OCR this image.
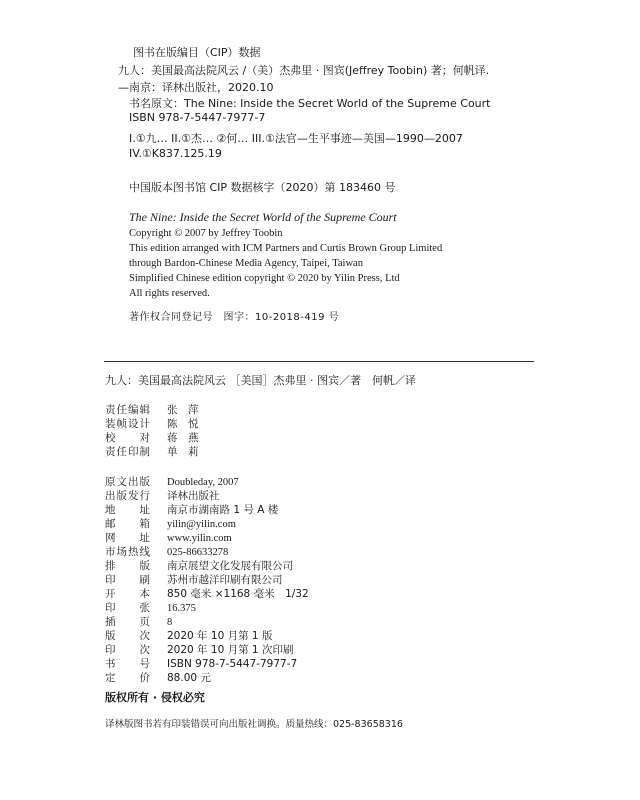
图书在版编目（CIP）数据
九人：美国最高法院风云 /（美）杰弗里 · 图宾(Jeffrey Toobin) 著；何帆译.
—南京：译林出版社，2020.10
书名原文：The Nine: Inside the Secret World of the Supreme Court
ISBN 978-7-5447-7977-7
I.①九… II.①杰… ②何… III.①法官—生平事迹—美国—1990—2007
IV.①K837.125.19
中国版本图书馆 CIP 数据核字（2020）第 183460 号
The Nine: Inside the Secret World of the Supreme Court
Copyright © 2007 by Jeffrey Toobin
This edition arranged with ICM Partners and Curtis Brown Group Limited
through Bardon-Chinese Media Agency, Taipei, Taiwan
Simplified Chinese edition copyright © 2020 by Yilin Press, Ltd
All rights reserved.
著作权合同登记号　图字：10-2018-419 号
九人：美国最高法院风云 ［美国］杰弗里 · 图宾／著　何帆／译
责任编辑 张　萍
装帧设计 陈　悦
校　　对 蒋　燕
责任印制 单　莉
原文出版 Doubleday, 2007
出版发行 译林出版社
地　　址 南京市湖南路 1 号 A 楼
邮　　箱 yilin@yilin.com
网　　址 www.yilin.com
市场热线 025-86633278
排　　版 南京展望文化发展有限公司
印　　刷 苏州市越洋印刷有限公司
开　　本 850 毫米 ×1168 毫米　1/32
印　　张 16.375
插　　页 8
版　　次 2020 年 10 月第 1 版
印　　次 2020 年 10 月第 1 次印刷
书　　号 ISBN 978-7-5447-7977-7
定　　价 88.00 元
版权所有 · 侵权必究
译林版图书若有印装错误可向出版社调换。质量热线：025-83658316
